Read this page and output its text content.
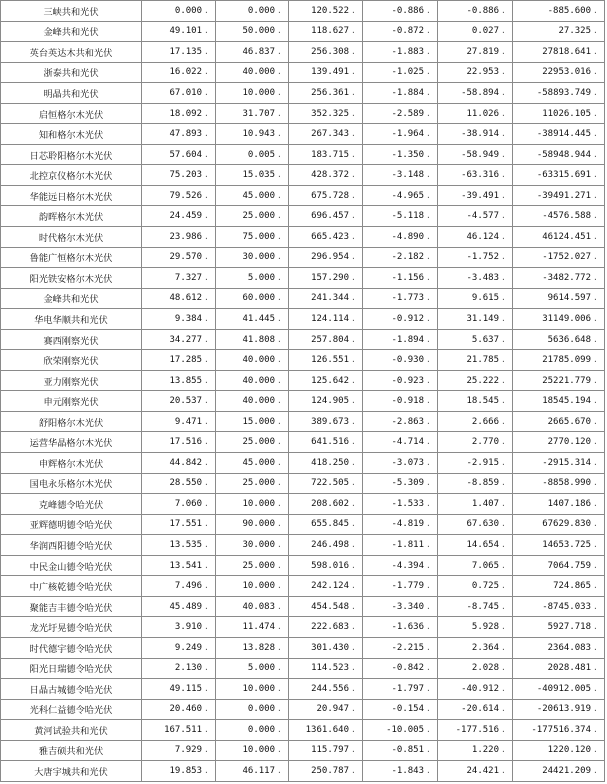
三峡共和光伏	0.000 .	0.000 .	120.522 .	-0.886 .	-0.886 .	-885.600 .
金峰共和光伏	49.101 .	50.000 .	118.627 .	-0.872 .	0.027 .	27.325 .
英台英达木共和光伏	17.135 .	46.837 .	256.308 .	-1.883 .	27.819 .	27818.641 .
浙泰共和光伏	16.022 .	40.000 .	139.491 .	-1.025 .	22.953 .	22953.016 .
明晶共和光伏	67.010 .	10.000 .	256.361 .	-1.884 .	-58.894 .	-58893.749 .
启恒格尔木光伏	18.092 .	31.707 .	352.325 .	-2.589 .	11.026 .	11026.105 .
知和格尔木光伏	47.893 .	10.943 .	267.343 .	-1.964 .	-38.914 .	-38914.445 .
日芯聆阳格尔木光伏	57.604 .	0.005 .	183.715 .	-1.350 .	-58.949 .	-58948.944 .
北控京仪格尔木光伏	75.203 .	15.035 .	428.372 .	-3.148 .	-63.316 .	-63315.691 .
华能远日格尔木光伏	79.526 .	45.000 .	675.728 .	-4.965 .	-39.491 .	-39491.271 .
韵晖格尔木光伏	24.459 .	25.000 .	696.457 .	-5.118 .	-4.577 .	-4576.588 .
时代格尔木光伏	23.986 .	75.000 .	665.423 .	-4.890 .	46.124 .	46124.451 .
鲁能广恒格尔木光伏	29.570 .	30.000 .	296.954 .	-2.182 .	-1.752 .	-1752.027 .
阳光铁安格尔木光伏	7.327 .	5.000 .	157.290 .	-1.156 .	-3.483 .	-3482.772 .
金峰共和光伏	48.612 .	60.000 .	241.344 .	-1.773 .	9.615 .	9614.597 .
华电华顺共和光伏	9.384 .	41.445 .	124.114 .	-0.912 .	31.149 .	31149.006 .
赛西刚察光伏	34.277 .	41.808 .	257.804 .	-1.894 .	5.637 .	5636.648 .
欣荣刚察光伏	17.285 .	40.000 .	126.551 .	-0.930 .	21.785 .	21785.099 .
亚力刚察光伏	13.855 .	40.000 .	125.642 .	-0.923 .	25.222 .	25221.779 .
申元刚察光伏	20.537 .	40.000 .	124.905 .	-0.918 .	18.545 .	18545.194 .
舒阳格尔木光伏	9.471 .	15.000 .	389.673 .	-2.863 .	2.666 .	2665.670 .
运营华晶格尔木光伏	17.516 .	25.000 .	641.516 .	-4.714 .	2.770 .	2770.120 .
申辉格尔木光伏	44.842 .	45.000 .	418.250 .	-3.073 .	-2.915 .	-2915.314 .
国电永乐格尔木光伏	28.550 .	25.000 .	722.505 .	-5.309 .	-8.859 .	-8858.990 .
克峰德令哈光伏	7.060 .	10.000 .	208.602 .	-1.533 .	1.407 .	1407.186 .
亚辉德明德令哈光伏	17.551 .	90.000 .	655.845 .	-4.819 .	67.630 .	67629.830 .
华润西阳德令哈光伏	13.535 .	30.000 .	246.498 .	-1.811 .	14.654 .	14653.725 .
中民金山德令哈光伏	13.541 .	25.000 .	598.016 .	-4.394 .	7.065 .	7064.759 .
中广核乾德令哈光伏	7.496 .	10.000 .	242.124 .	-1.779 .	0.725 .	724.865 .
聚能吉丰德令哈光伏	45.489 .	40.083 .	454.548 .	-3.340 .	-8.745 .	-8745.033 .
龙光圩晃德令哈光伏	3.910 .	11.474 .	222.683 .	-1.636 .	5.928 .	5927.718 .
时代德宇德令哈光伏	9.249 .	13.828 .	301.430 .	-2.215 .	2.364 .	2364.083 .
阳光日瑞德令哈光伏	2.130 .	5.000 .	114.523 .	-0.842 .	2.028 .	2028.481 .
日晶古城德令哈光伏	49.115 .	10.000 .	244.556 .	-1.797 .	-40.912 .	-40912.005 .
光科仁益德令哈光伏	20.460 .	0.000 .	20.947 .	-0.154 .	-20.614 .	-20613.919 .
黄河试验共和光伏	167.511 .	0.000 .	1361.640 .	-10.005 .	-177.516 .	-177516.374 .
雅吉硕共和光伏	7.929 .	10.000 .	115.797 .	-0.851 .	1.220 .	1220.120 .
大唐宇城共和光伏	19.853 .	46.117 .	250.787 .	-1.843 .	24.421 .	24421.209 .
